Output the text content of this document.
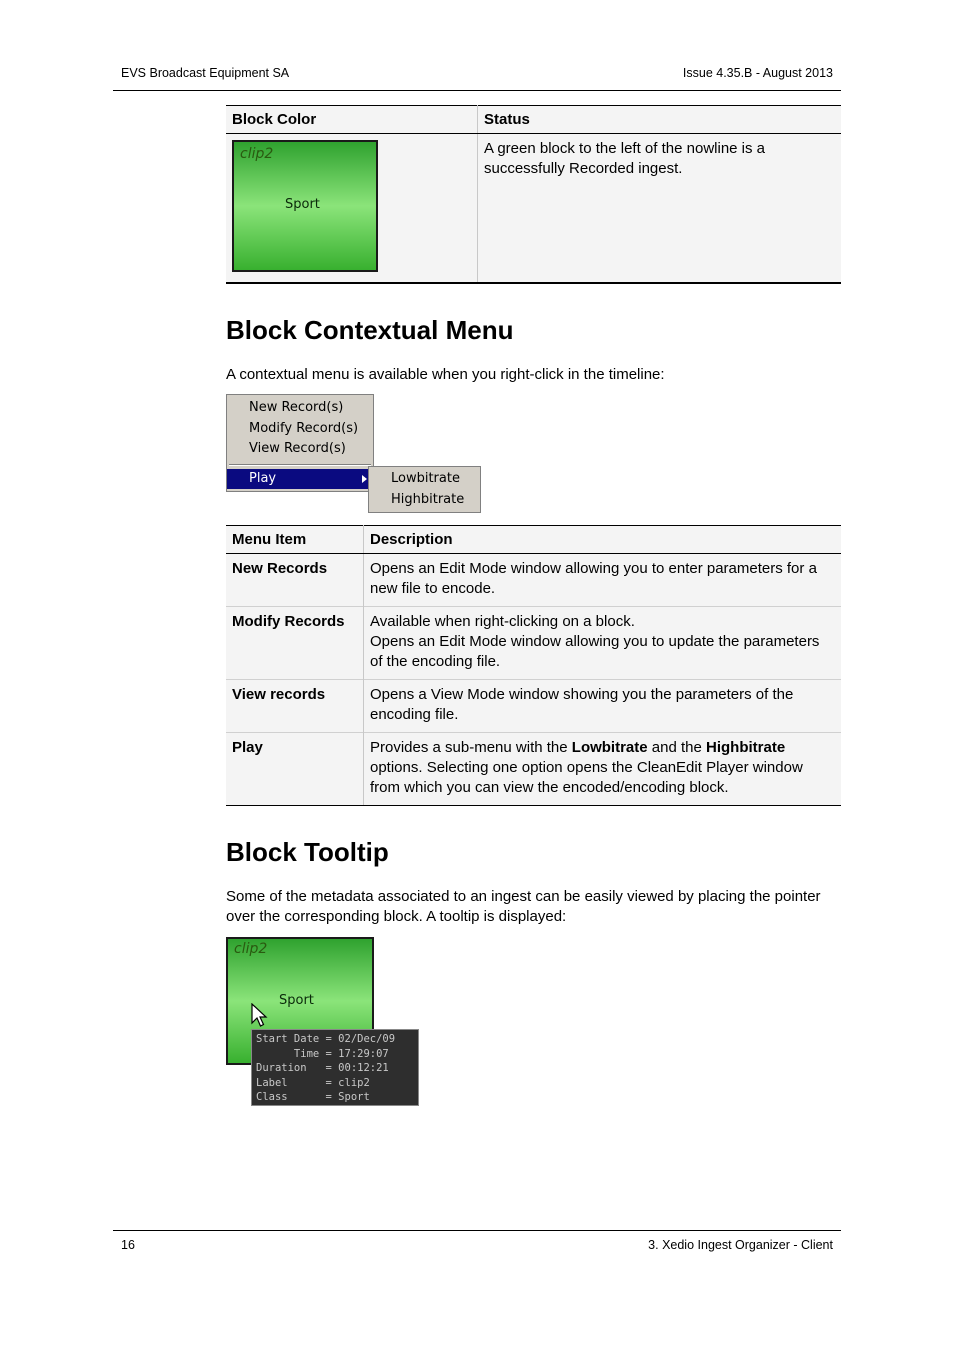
EVS Broadcast Equipment SA	Issue 4.35.B - August 2013
Block Color	Status

clip2
Sport	A green block to the left of the nowline is a successfully Recorded ingest.
Block Contextual Menu

A contextual menu is available when you right-click in the timeline:

New Record(s)
Modify Record(s)
View Record(s)
Play	Lowbitrate
Highbitrate
Menu Item	Description
New Records	Opens an Edit Mode window allowing you to enter parameters for a new file to encode.
Modify Records	Available when right-clicking on a block.
Opens an Edit Mode window allowing you to update the parameters of the encoding file.

View records	Opens a View Mode window showing you the parameters of the encoding file.
Play	Provides a sub-menu with the Lowbitrate and the Highbitrate options. Selecting one option opens the CleanEdit Player window from which you can view the encoded/encoding block.
Block Tooltip

Some of the metadata associated to an ingest can be easily viewed by placing the pointer over the corresponding block. A tooltip is displayed:

clip2
Sport
Start Date = 02/Dec/09
Time = 17:29:07
Duration   = 00:12:21
Label      = clip2
Class      = Sport
16	3. Xedio Ingest Organizer - Client
